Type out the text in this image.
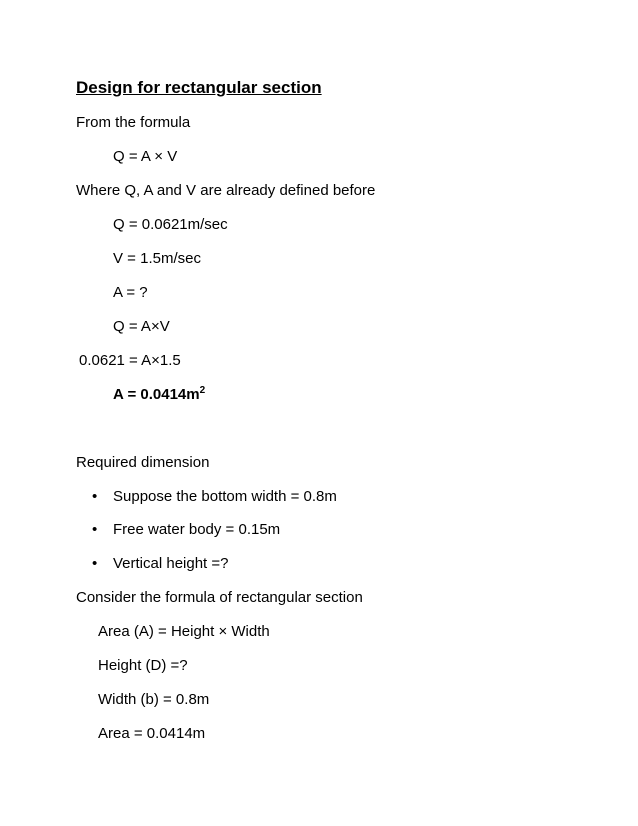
Design for rectangular section
From the formula
Q = A × V
Where Q, A and V are already defined before
Q = 0.0621m/sec
V = 1.5m/sec
A = ?
Q = A×V
0.0621 = A×1.5
$A = 0.0414m^2$
Required dimension
• Suppose the bottom width = 0.8m
• Free water body = 0.15m
• Vertical height =?
Consider the formula of rectangular section
Area (A) = Height × Width
Height (D) =?
Width (b) = 0.8m
Area = 0.0414m
